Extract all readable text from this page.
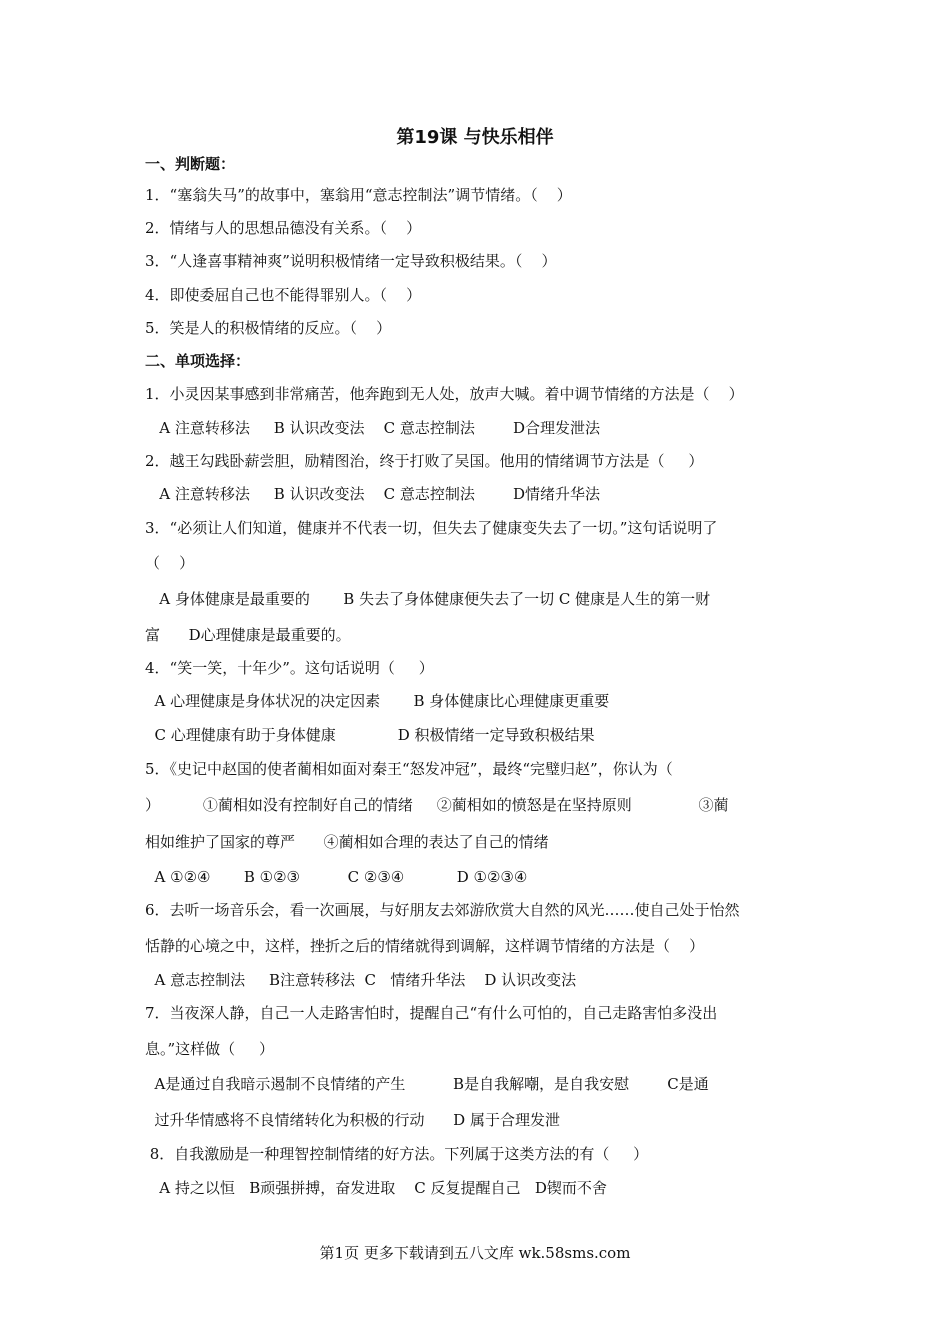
第19课 与快乐相伴
一、判断题：
1．“塞翁失马”的故事中，塞翁用“意志控制法”调节情绪。（    ）
2．情绪与人的思想品德没有关系。（    ）
3．“人逢喜事精神爽”说明积极情绪一定导致积极结果。（    ）
4．即使委屈自己也不能得罪别人。（    ）
5．笑是人的积极情绪的反应。（    ）
二、单项选择：
1．小灵因某事感到非常痛苦，他奔跑到无人处，放声大喊。着中调节情绪的方法是（    ）
A 注意转移法     B 认识改变法    C 意志控制法        D合理发泄法
2．越王勾践卧薪尝胆，励精图治，终于打败了吴国。他用的情绪调节方法是（     ）
A 注意转移法     B 认识改变法    C 意志控制法        D情绪升华法
3．“必须让人们知道，健康并不代表一切，但失去了健康变失去了一切。”这句话说明了
（    ）
A 身体健康是最重要的       B 失去了身体健康便失去了一切 C 健康是人生的第一财
富      D心理健康是最重要的。
4．“笑一笑，十年少”。这句话说明（     ）
A 心理健康是身体状况的决定因素       B 身体健康比心理健康更重要
C 心理健康有助于身体健康             D 积极情绪一定导致积极结果
5．《史记中赵国的使者蔺相如面对秦王“怒发冲冠”，最终“完璧归赵”，你认为（
）         ①蔺相如没有控制好自己的情绪     ②蔺相如的愤怒是在坚持原则              ③蔺
相如维护了国家的尊严      ④蔺相如合理的表达了自己的情绪
A ①②④       B ①②③          C ②③④           D ①②③④
6．去听一场音乐会，看一次画展，与好朋友去郊游欣赏大自然的风光……使自己处于怡然
恬静的心境之中，这样，挫折之后的情绪就得到调解，这样调节情绪的方法是（    ）
A 意志控制法     B注意转移法  C   情绪升华法    D 认识改变法
7．当夜深人静，自己一人走路害怕时，提醒自己“有什么可怕的，自己走路害怕多没出
息。”这样做（     ）
A是通过自我暗示遏制不良情绪的产生          B是自我解嘲，是自我安慰        C是通
过升华情感将不良情绪转化为积极的行动      D 属于合理发泄
8．自我激励是一种理智控制情绪的好方法。下列属于这类方法的有（     ）
A 持之以恒   B顽强拼搏，奋发进取    C 反复提醒自己   D锲而不舍
第1页 更多下载请到五八文库 wk.58sms.com
